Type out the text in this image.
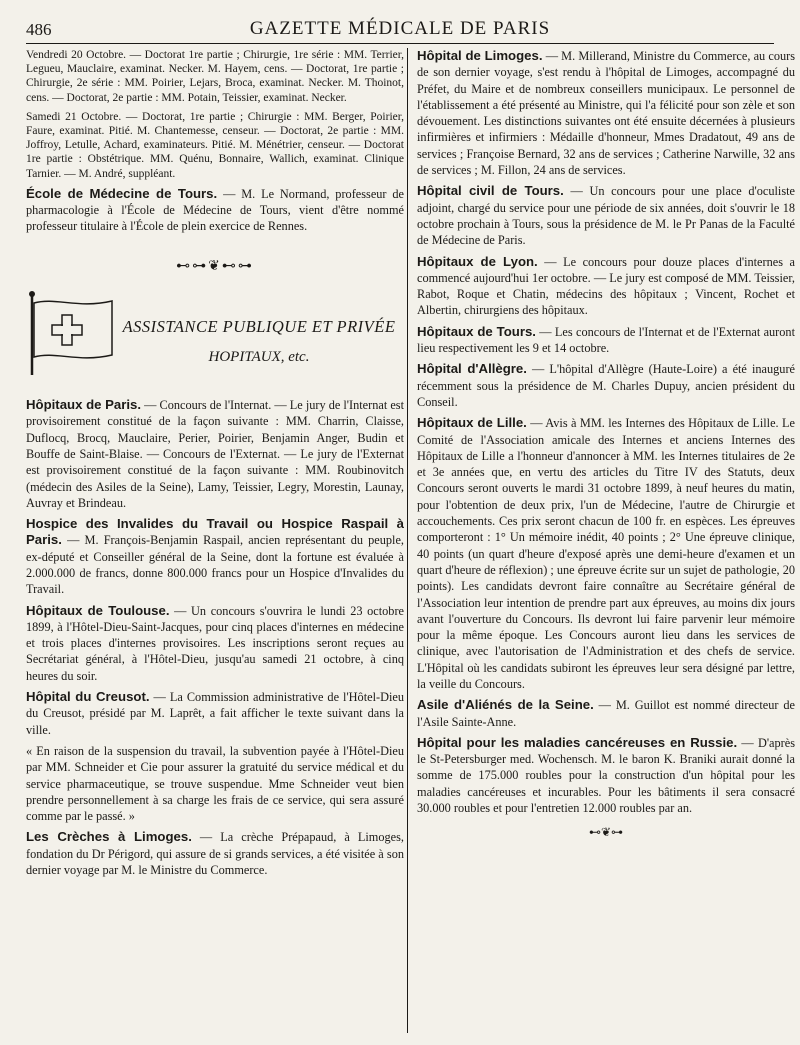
486	GAZETTE MÉDICALE DE PARIS

Vendredi 20 Octobre. — Doctorat 1re partie ; Chirurgie, 1re série : MM. Terrier, Legueu, Mauclaire, examinat. Necker. M. Hayem, cens. — Doctorat, 1re partie ; Chirurgie, 2e série : MM. Poirier, Lejars, Broca, examinat. Necker. M. Thoinot, cens. — Doctorat, 2e partie : MM. Potain, Teissier, examinat. Necker.

Samedi 21 Octobre. — Doctorat, 1re partie ; Chirurgie : MM. Berger, Poirier, Faure, examinat. Pitié. M. Chantemesse, censeur. — Doctorat, 2e partie : MM. Joffroy, Letulle, Achard, examinateurs. Pitié. M. Ménétrier, censeur. — Doctorat 1re partie : Obstétrique. MM. Quénu, Bonnaire, Wallich, examinat. Clinique Tarnier. — M. André, suppléant.

École de Médecine de Tours. — M. Le Normand, professeur de pharmacologie à l'École de Médecine de Tours, vient d'être nommé professeur titulaire à l'École de plein exercice de Rennes.

⊷⊶❦⊷⊶
ASSISTANCE PUBLIQUE ET PRIVÉE
HOPITAUX, etc.

Hôpitaux de Paris. — Concours de l'Internat. — Le jury de l'Internat est provisoirement constitué de la façon suivante : MM. Charrin, Claisse, Duflocq, Brocq, Mauclaire, Perier, Poirier, Benjamin Anger, Budin et Bouffe de Saint-Blaise. — Concours de l'Externat. — Le jury de l'Externat est provisoirement constitué de la façon suivante : MM. Roubinovitch (médecin des Asiles de la Seine), Lamy, Teissier, Legry, Morestin, Launay, Auvray et Brindeau.

Hospice des Invalides du Travail ou Hospice Raspail à Paris. — M. François-Benjamin Raspail, ancien représentant du peuple, ex-député et Conseiller général de la Seine, dont la fortune est évaluée à 2.000.000 de francs, donne 800.000 francs pour un Hospice d'Invalides du Travail.

Hôpitaux de Toulouse. — Un concours s'ouvrira le lundi 23 octobre 1899, à l'Hôtel-Dieu-Saint-Jacques, pour cinq places d'internes en médecine et trois places d'internes provisoires. Les inscriptions seront reçues au Secrétariat général, à l'Hôtel-Dieu, jusqu'au samedi 21 octobre, à cinq heures du soir.

Hôpital du Creusot. — La Commission administrative de l'Hôtel-Dieu du Creusot, présidé par M. Laprêt, a fait afficher le texte suivant dans la ville.

« En raison de la suspension du travail, la subvention payée à l'Hôtel-Dieu par MM. Schneider et Cie pour assurer la gratuité du service médical et du service pharmaceutique, se trouve suspendue. Mme Schneider veut bien prendre personnellement à sa charge les frais de ce service, qui sera assuré comme par le passé. »

Les Crèches à Limoges. — La crèche Prépapaud, à Limoges, fondation du Dr Périgord, qui assure de si grands services, a été visitée à son dernier voyage par M. le Ministre du Commerce.

Hôpital de Limoges. — M. Millerand, Ministre du Commerce, au cours de son dernier voyage, s'est rendu à l'hôpital de Limoges, accompagné du Préfet, du Maire et de nombreux conseillers municipaux. Le personnel de l'établissement a été présenté au Ministre, qui l'a félicité pour son zèle et son dévouement. Les distinctions suivantes ont été ensuite décernées à plusieurs infirmières et infirmiers : Médaille d'honneur, Mmes Dradatout, 49 ans de services ; Françoise Bernard, 32 ans de services ; Catherine Narwille, 32 ans de services ; M. Fillon, 24 ans de services.

Hôpital civil de Tours. — Un concours pour une place d'oculiste adjoint, chargé du service pour une période de six années, doit s'ouvrir le 18 octobre prochain à Tours, sous la présidence de M. le Pr Panas de la Faculté de Médecine de Paris.

Hôpitaux de Lyon. — Le concours pour douze places d'internes a commencé aujourd'hui 1er octobre. — Le jury est composé de MM. Teissier, Rabot, Roque et Chatin, médecins des hôpitaux ; Vincent, Rochet et Albertin, chirurgiens des hôpitaux.

Hôpitaux de Tours. — Les concours de l'Internat et de l'Externat auront lieu respectivement les 9 et 14 octobre.

Hôpital d'Allègre. — L'hôpital d'Allègre (Haute-Loire) a été inauguré récemment sous la présidence de M. Charles Dupuy, ancien président du Conseil.

Hôpitaux de Lille. — Avis à MM. les Internes des Hôpitaux de Lille. Le Comité de l'Association amicale des Internes et anciens Internes des Hôpitaux de Lille a l'honneur d'annoncer à MM. les Internes titulaires de 2e et 3e années que, en vertu des articles du Titre IV des Statuts, deux Concours seront ouverts le mardi 31 octobre 1899, à neuf heures du matin, pour l'obtention de deux prix, l'un de Médecine, l'autre de Chirurgie et accouchements. Ces prix seront chacun de 100 fr. en espèces. Les épreuves comporteront : 1° Un mémoire inédit, 40 points ; 2° Une épreuve clinique, 40 points (un quart d'heure d'exposé après une demi-heure d'examen et un quart d'heure de réflexion) ; une épreuve écrite sur un sujet de pathologie, 20 points). Les candidats devront faire connaître au Secrétaire général de l'Association leur intention de prendre part aux épreuves, au moins dix jours avant l'ouverture du Concours. Ils devront lui faire parvenir leur mémoire pour la même époque. Les Concours auront lieu dans les services de clinique, avec l'autorisation de l'Administration et des chefs de service. L'Hôpital où les candidats subiront les épreuves leur sera désigné par lettre, la veille du Concours.

Asile d'Aliénés de la Seine. — M. Guillot est nommé directeur de l'Asile Sainte-Anne.

Hôpital pour les maladies cancéreuses en Russie. — D'après le St-Petersburger med. Wochensch. M. le baron K. Braniki aurait donné la somme de 175.000 roubles pour la construction d'un hôpital pour les maladies cancéreuses et incurables. Pour les bâtiments il sera consacré 30.000 roubles et pour l'entretien 12.000 roubles par an.

⊷❦⊶
